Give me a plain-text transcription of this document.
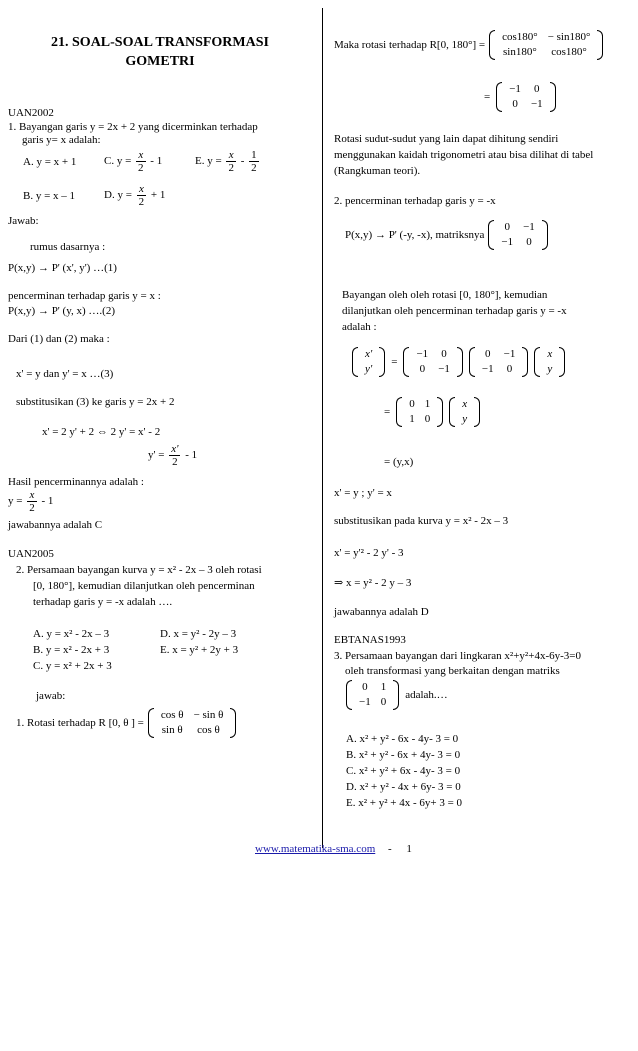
21. SOAL-SOAL TRANSFORMASI
GOMETRI
UAN2002
1. Bayangan garis y = 2x + 2 yang dicerminkan terhadap
garis y= x adalah:
A. y = x + 1	C. $y = \frac{x}{2} - 1$	E. $y = \frac{x}{2} - \frac{1}{2}$
B. y = x – 1	D. $y = \frac{x}{2} + 1$
Jawab:
rumus dasarnya :
P(x,y) → P' (x', y') …(1)
pencerminan terhadap garis y = x :
P(x,y) → P' (y, x) ….(2)
Dari (1) dan (2) maka :
x' = y dan y' = x …(3)
substitusikan (3) ke garis y = 2x + 2
x' = 2 y' + 2 ⇔ 2 y' = x' - 2
$y' = \frac{x'}{2} - 1$
Hasil pencerminannya adalah :
$y = \frac{x}{2} - 1$
jawabannya adalah C
UAN2005
2. Persamaan bayangan kurva y = x² - 2x – 3 oleh rotasi
[0, 180°], kemudian dilanjutkan oleh pencerminan
terhadap garis y = -x adalah ….
A. y = x² - 2x – 3	D. x = y² - 2y – 3
B. y = x² - 2x + 3	E. x = y² + 2y + 3
C. y = x² + 2x + 3
jawab:
1. Rotasi terhadap R [0, θ ] =
cos θ	− sin θ
sin θ	cos θ
Maka rotasi terhadap R[0, 180°] =
cos180°	− sin180°
sin180°	cos180°
=
−1	0
0	−1
Rotasi sudut-sudut yang lain dapat dihitung sendiri
menggunakan kaidah trigonometri atau bisa dilihat di tabel
(Rangkuman teori).
2. pencerminan terhadap garis y = -x
P(x,y) → P' (-y, -x), matriksnya
0	−1
−1	0
Bayangan oleh oleh rotasi [0, 180°], kemudian
dilanjutkan oleh pencerminan terhadap garis y = -x
adalah :
x'
y'
=
−1	0
0	−1
0	−1
−1	0
x
y
=
0	1
1	0
x
y
= (y,x)
x' = y ; y' = x
substitusikan pada kurva y = x² - 2x – 3
x' = y'² - 2 y' - 3
⇒ x = y² - 2 y – 3
jawabannya adalah D
EBTANAS1993
3. Persamaan bayangan dari lingkaran x²+y²+4x-6y-3=0
oleh transformasi yang berkaitan dengan matriks
0	1
−1	0
adalah.…
A. x² + y² - 6x - 4y- 3 = 0
B. x² + y² - 6x + 4y- 3 = 0
C. x² + y² + 6x - 4y- 3 = 0
D. x² + y² - 4x + 6y- 3 = 0
E. x² + y² + 4x - 6y+ 3 = 0
www.matematika-sma.com - 1
